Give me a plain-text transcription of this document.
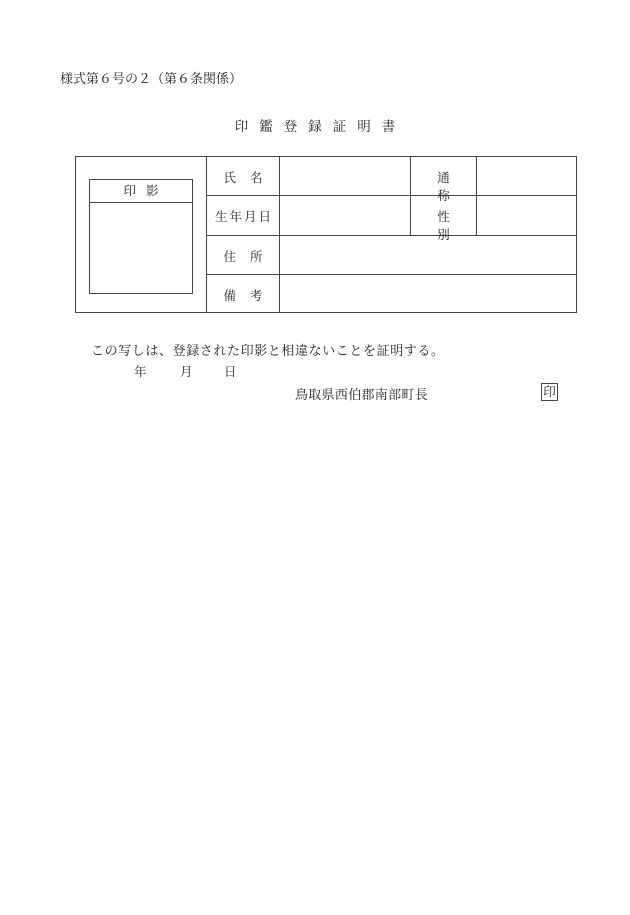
様式第６号の２（第６条関係）
印鑑登録証明書
氏名	通称
生年月日	性別
住所
備考
印影
この写しは、登録された印影と相違ないことを証明する。
年	月	日
鳥取県西伯郡南部町長	印
